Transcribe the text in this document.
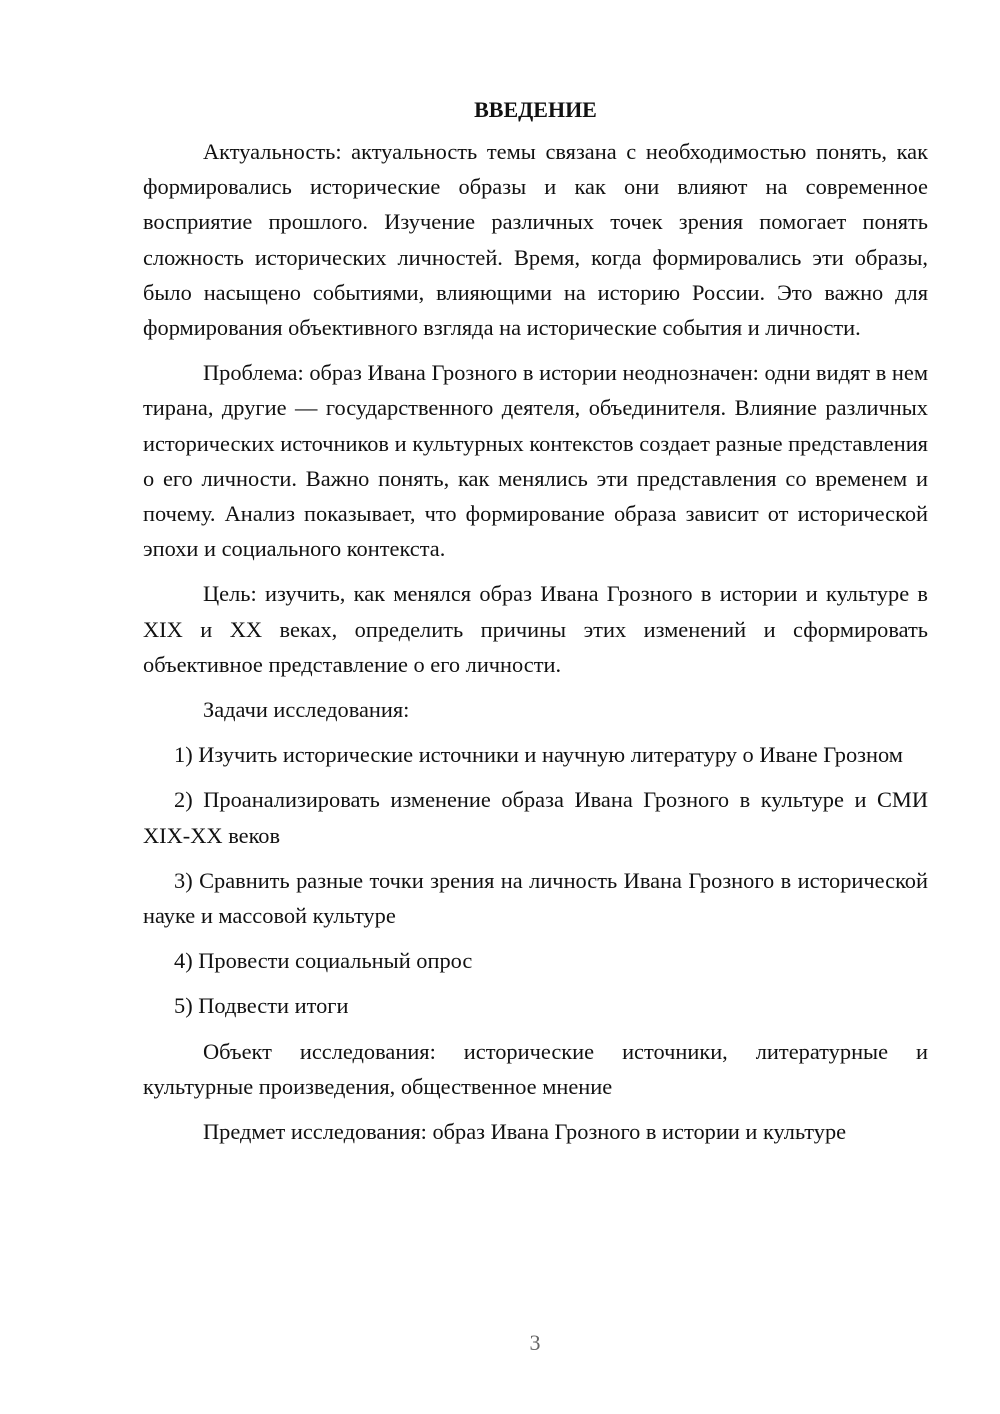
ВВЕДЕНИЕ

Актуальность: актуальность темы связана с необходимостью понять, как формировались исторические образы и как они влияют на современное восприятие прошлого. Изучение различных точек зрения помогает понять сложность исторических личностей. Время, когда формировались эти образы, было насыщено событиями, влияющими на историю России. Это важно для формирования объективного взгляда на исторические события и личности.

Проблема: образ Ивана Грозного в истории неоднозначен: одни видят в нем тирана, другие — государственного деятеля, объединителя. Влияние различных исторических источников и культурных контекстов создает разные представления о его личности. Важно понять, как менялись эти представления со временем и почему. Анализ показывает, что формирование образа зависит от исторической эпохи и социального контекста.

Цель: изучить, как менялся образ Ивана Грозного в истории и культуре в XIX и XX веках, определить причины этих изменений и сформировать объективное представление о его личности.

Задачи исследования:

1) Изучить исторические источники и научную литературу о Иване Грозном

2) Проанализировать изменение образа Ивана Грозного в культуре и СМИ XIX-XX веков

3) Сравнить разные точки зрения на личность Ивана Грозного в исторической науке и массовой культуре

4) Провести социальный опрос

5) Подвести итоги

Объект исследования: исторические источники, литературные и культурные произведения, общественное мнение

Предмет исследования: образ Ивана Грозного в истории и культуре

3
